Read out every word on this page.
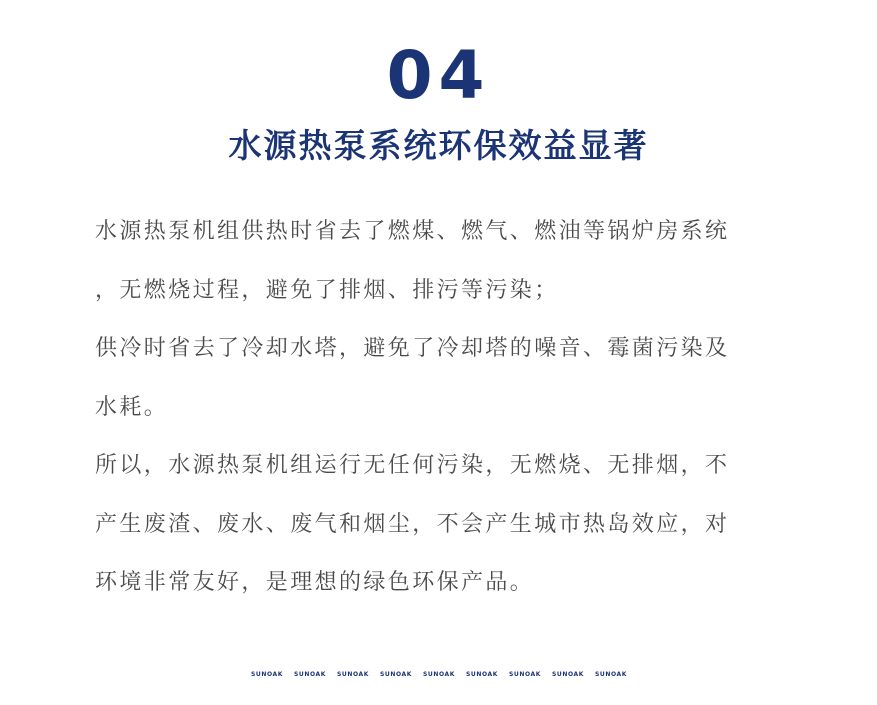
04
水源热泵系统环保效益显著
水源热泵机组供热时省去了燃煤、燃气、燃油等锅炉房系统
，无燃烧过程，避免了排烟、排污等污染；
供冷时省去了冷却水塔，避免了冷却塔的噪音、霉菌污染及
水耗。
所以，水源热泵机组运行无任何污染，无燃烧、无排烟，不
产生废渣、废水、废气和烟尘，不会产生城市热岛效应，对
环境非常友好，是理想的绿色环保产品。
SUNOAK SUNOAK SUNOAK SUNOAK SUNOAK SUNOAK SUNOAK SUNOAK SUNOAK
